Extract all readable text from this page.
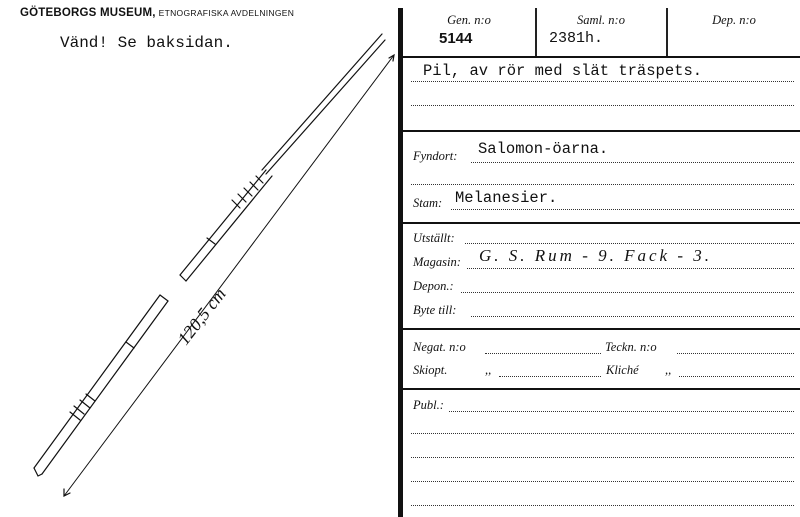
GÖTEBORGS MUSEUM, ETNOGRAFISKA AVDELNINGEN
Vänd! Se baksidan.
120,5 cm
Gen. n:o
5144
Saml. n:o
2381h.
Dep. n:o
Pil, av rör med slät träspets.
Fyndort: Salomon-öarna.
Stam: Melanesier.
Utställt:
Magasin: G. S. Rum - 9. Fack - 3.
Depon.:
Byte till:
Negat. n:o	Teckn. n:o
Skiopt.	,,	Kliché ,,
Publ.:
